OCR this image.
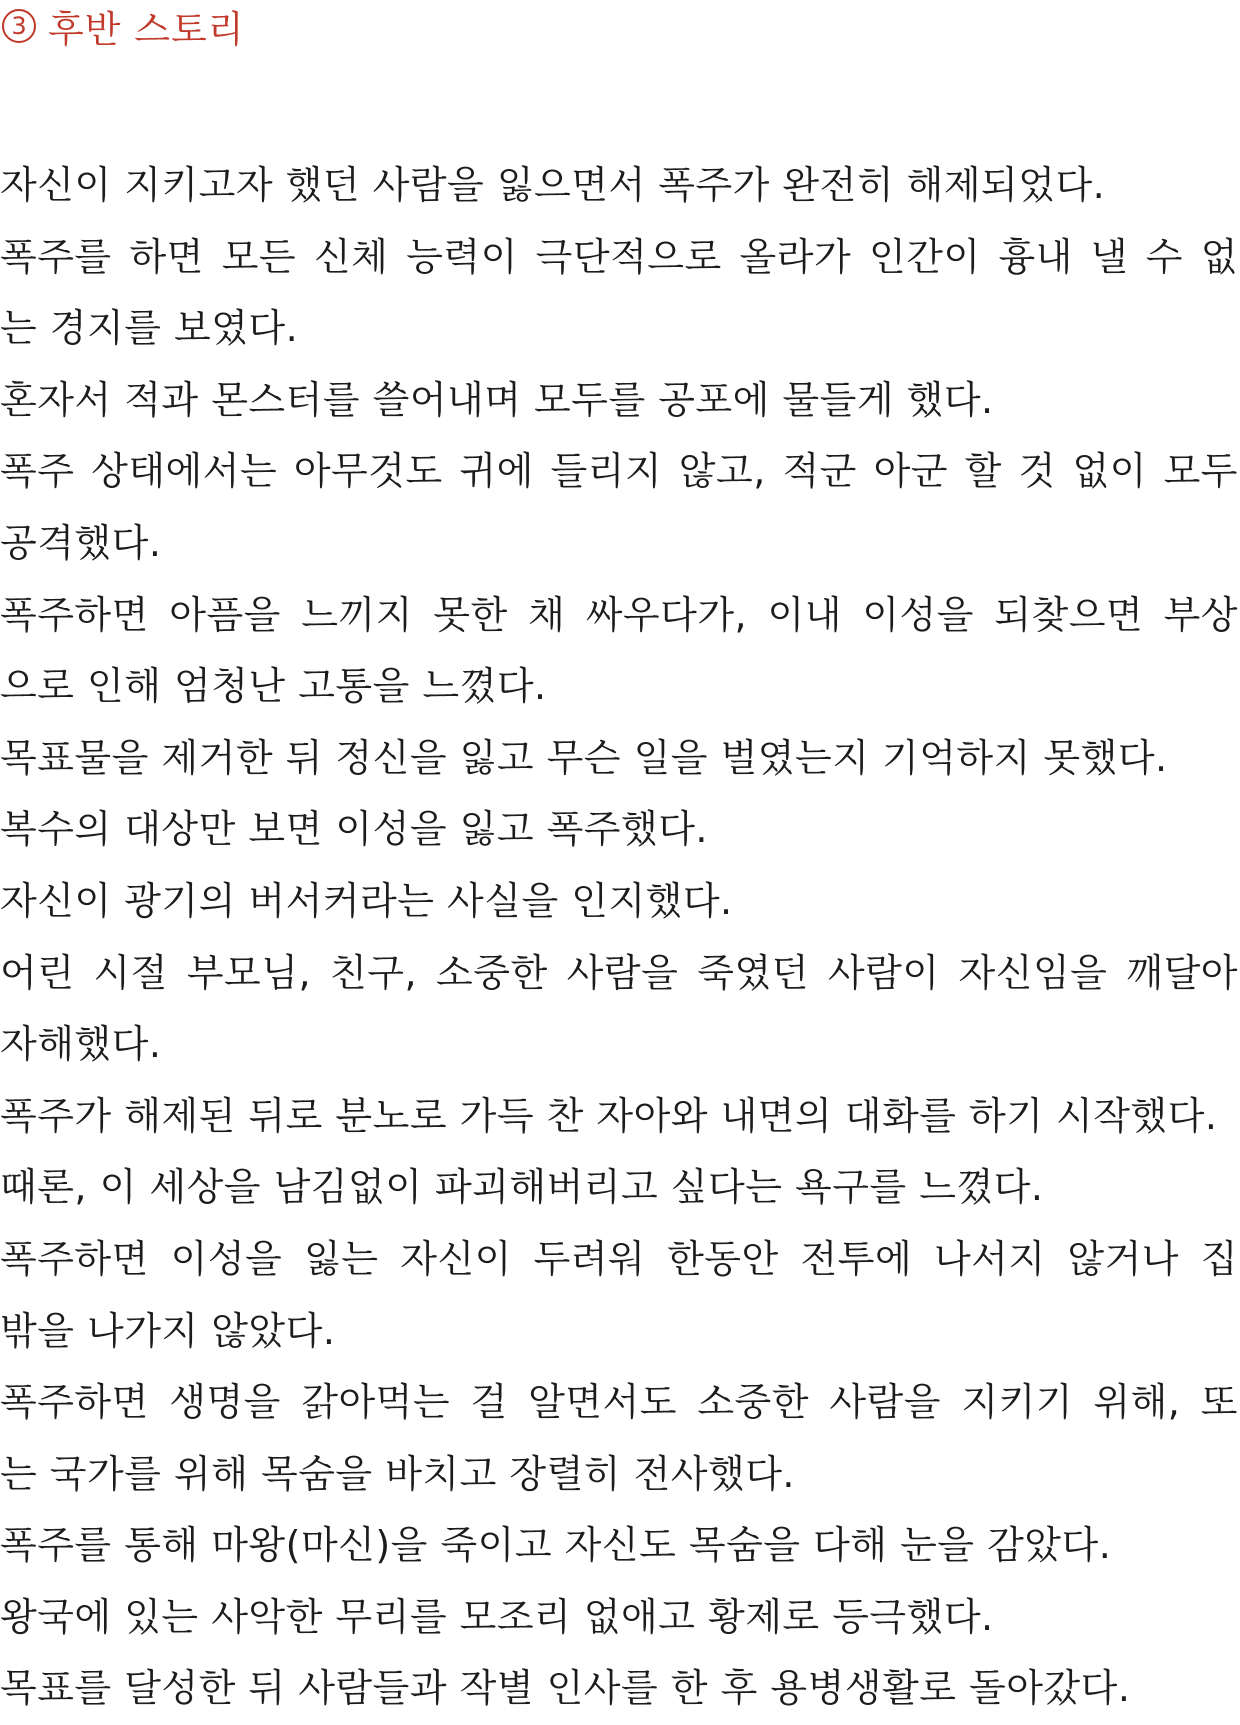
3 후반 스토리
자신이 지키고자 했던 사람을 잃으면서 폭주가 완전히 해제되었다.
폭주를 하면 모든 신체 능력이 극단적으로 올라가 인간이 흉내 낼 수 없
는 경지를 보였다.
혼자서 적과 몬스터를 쓸어내며 모두를 공포에 물들게 했다.
폭주 상태에서는 아무것도 귀에 들리지 않고, 적군 아군 할 것 없이 모두
공격했다.
폭주하면 아픔을 느끼지 못한 채 싸우다가, 이내 이성을 되찾으면 부상
으로 인해 엄청난 고통을 느꼈다.
목표물을 제거한 뒤 정신을 잃고 무슨 일을 벌였는지 기억하지 못했다.
복수의 대상만 보면 이성을 잃고 폭주했다.
자신이 광기의 버서커라는 사실을 인지했다.
어린 시절 부모님, 친구, 소중한 사람을 죽였던 사람이 자신임을 깨달아
자해했다.
폭주가 해제된 뒤로 분노로 가득 찬 자아와 내면의 대화를 하기 시작했다.
때론, 이 세상을 남김없이 파괴해버리고 싶다는 욕구를 느꼈다.
폭주하면 이성을 잃는 자신이 두려워 한동안 전투에 나서지 않거나 집
밖을 나가지 않았다.
폭주하면 생명을 갉아먹는 걸 알면서도 소중한 사람을 지키기 위해, 또
는 국가를 위해 목숨을 바치고 장렬히 전사했다.
폭주를 통해 마왕(마신)을 죽이고 자신도 목숨을 다해 눈을 감았다.
왕국에 있는 사악한 무리를 모조리 없애고 황제로 등극했다.
목표를 달성한 뒤 사람들과 작별 인사를 한 후 용병생활로 돌아갔다.
